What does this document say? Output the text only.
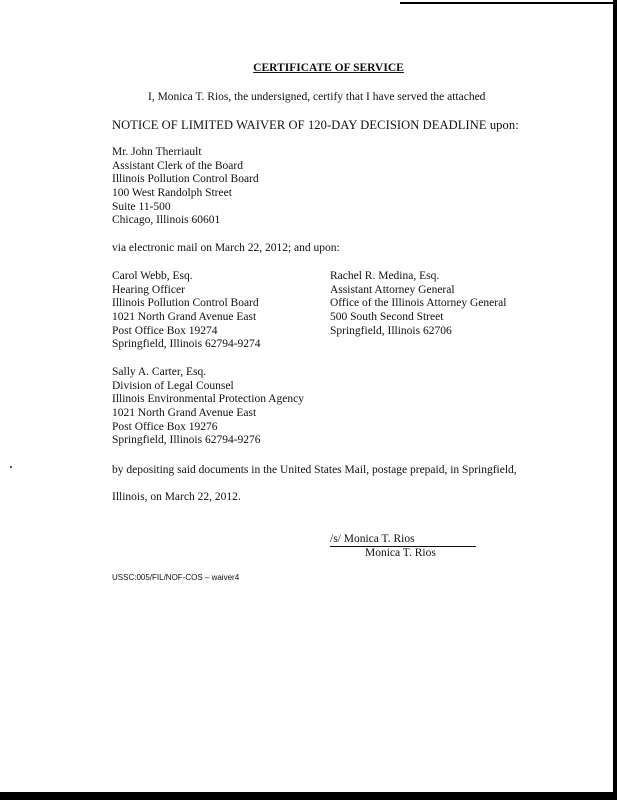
CERTIFICATE OF SERVICE
I, Monica T. Rios, the undersigned, certify that I have served the attached
NOTICE OF LIMITED WAIVER OF 120-DAY DECISION DEADLINE upon:
Mr. John Therriault
Assistant Clerk of the Board
Illinois Pollution Control Board
100 West Randolph Street
Suite 11-500
Chicago, Illinois 60601
via electronic mail on March 22, 2012; and upon:
Carol Webb, Esq.
Hearing Officer
Illinois Pollution Control Board
1021 North Grand Avenue East
Post Office Box 19274
Springfield, Illinois 62794-9274
Rachel R. Medina, Esq.
Assistant Attorney General
Office of the Illinois Attorney General
500 South Second Street
Springfield, Illinois 62706
Sally A. Carter, Esq.
Division of Legal Counsel
Illinois Environmental Protection Agency
1021 North Grand Avenue East
Post Office Box 19276
Springfield, Illinois 62794-9276
by depositing said documents in the United States Mail, postage prepaid, in Springfield,
Illinois, on March 22, 2012.
/s/ Monica T. Rios
Monica T. Rios
USSC:005/FIL/NOF-COS – waiver4
